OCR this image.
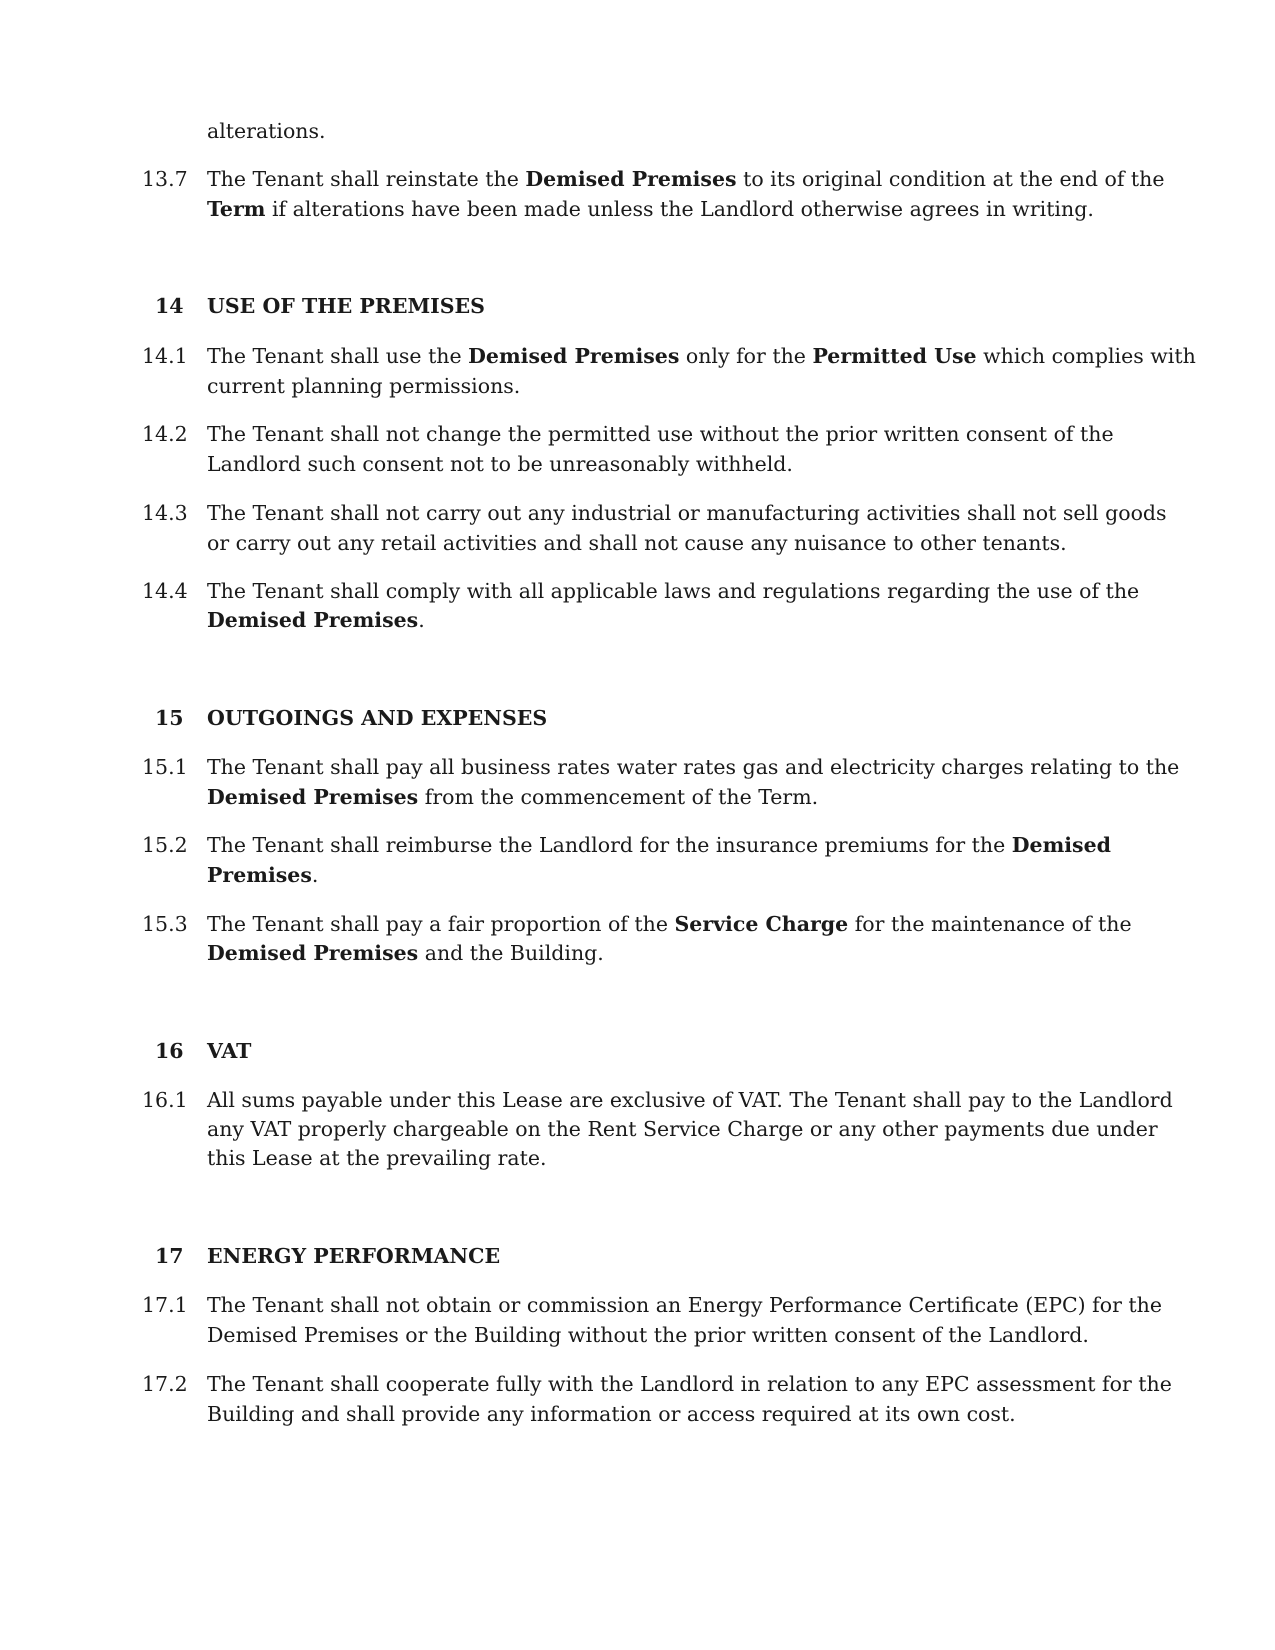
alterations.
13.7 The Tenant shall reinstate the Demised Premises to its original condition at the end of the
Term if alterations have been made unless the Landlord otherwise agrees in writing.
14 USE OF THE PREMISES
14.1 The Tenant shall use the Demised Premises only for the Permitted Use which complies with
current planning permissions.
14.2 The Tenant shall not change the permitted use without the prior written consent of the
Landlord such consent not to be unreasonably withheld.
14.3 The Tenant shall not carry out any industrial or manufacturing activities shall not sell goods
or carry out any retail activities and shall not cause any nuisance to other tenants.
14.4 The Tenant shall comply with all applicable laws and regulations regarding the use of the
Demised Premises.
15 OUTGOINGS AND EXPENSES
15.1 The Tenant shall pay all business rates water rates gas and electricity charges relating to the
Demised Premises from the commencement of the Term.
15.2 The Tenant shall reimburse the Landlord for the insurance premiums for the Demised
Premises.
15.3 The Tenant shall pay a fair proportion of the Service Charge for the maintenance of the
Demised Premises and the Building.
16 VAT
16.1 All sums payable under this Lease are exclusive of VAT. The Tenant shall pay to the Landlord
any VAT properly chargeable on the Rent Service Charge or any other payments due under
this Lease at the prevailing rate.
17 ENERGY PERFORMANCE
17.1 The Tenant shall not obtain or commission an Energy Performance Certificate (EPC) for the
Demised Premises or the Building without the prior written consent of the Landlord.
17.2 The Tenant shall cooperate fully with the Landlord in relation to any EPC assessment for the
Building and shall provide any information or access required at its own cost.
